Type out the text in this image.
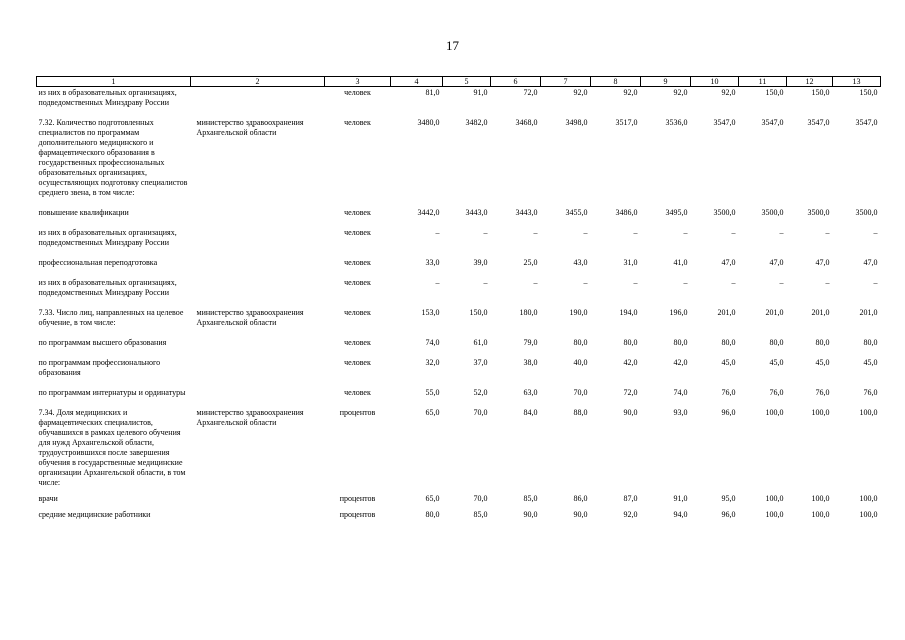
17
1	2	3	4	5	6	7	8	9	10	11	12	13
из них в образовательных организациях, подведомственных Минздраву России		человек	81,0	91,0	72,0	92,0	92,0	92,0	92,0	150,0	150,0	150,0

7.32. Количество подготовленных специалистов по программам дополнительного медицинского и фармацевтического образования в государственных профессиональных образовательных организациях, осуществляющих подготовку специалистов среднего звена, в том числе:	министерство здравоохранения Архангельской области	человек	3480,0	3482,0	3468,0	3498,0	3517,0	3536,0	3547,0	3547,0	3547,0	3547,0

повышение квалификации		человек	3442,0	3443,0	3443,0	3455,0	3486,0	3495,0	3500,0	3500,0	3500,0	3500,0

из них в образовательных организациях, подведомственных Минздраву России		человек	–	–	–	–	–	–	–	–	–	–

профессиональная переподготовка		человек	33,0	39,0	25,0	43,0	31,0	41,0	47,0	47,0	47,0	47,0

из них в образовательных организациях, подведомственных Минздраву России		человек	–	–	–	–	–	–	–	–	–	–

7.33. Число лиц, направленных на целевое обучение, в том числе:	министерство здравоохранения Архангельской области	человек	153,0	150,0	180,0	190,0	194,0	196,0	201,0	201,0	201,0	201,0

по программам высшего образования		человек	74,0	61,0	79,0	80,0	80,0	80,0	80,0	80,0	80,0	80,0

по программам профессионального образования		человек	32,0	37,0	38,0	40,0	42,0	42,0	45,0	45,0	45,0	45,0

по программам интернатуры и ординатуры		человек	55,0	52,0	63,0	70,0	72,0	74,0	76,0	76,0	76,0	76,0

7.34. Доля медицинских и фармацевтических специалистов, обучавшихся в рамках целевого обучения для нужд Архангельской области, трудоустроившихся после завершения обучения в государственные медицинские организации Архангельской области, в том числе:	министерство здравоохранения Архангельской области	процентов	65,0	70,0	84,0	88,0	90,0	93,0	96,0	100,0	100,0	100,0

врачи		процентов	65,0	70,0	85,0	86,0	87,0	91,0	95,0	100,0	100,0	100,0

средние медицинские работники		процентов	80,0	85,0	90,0	90,0	92,0	94,0	96,0	100,0	100,0	100,0
